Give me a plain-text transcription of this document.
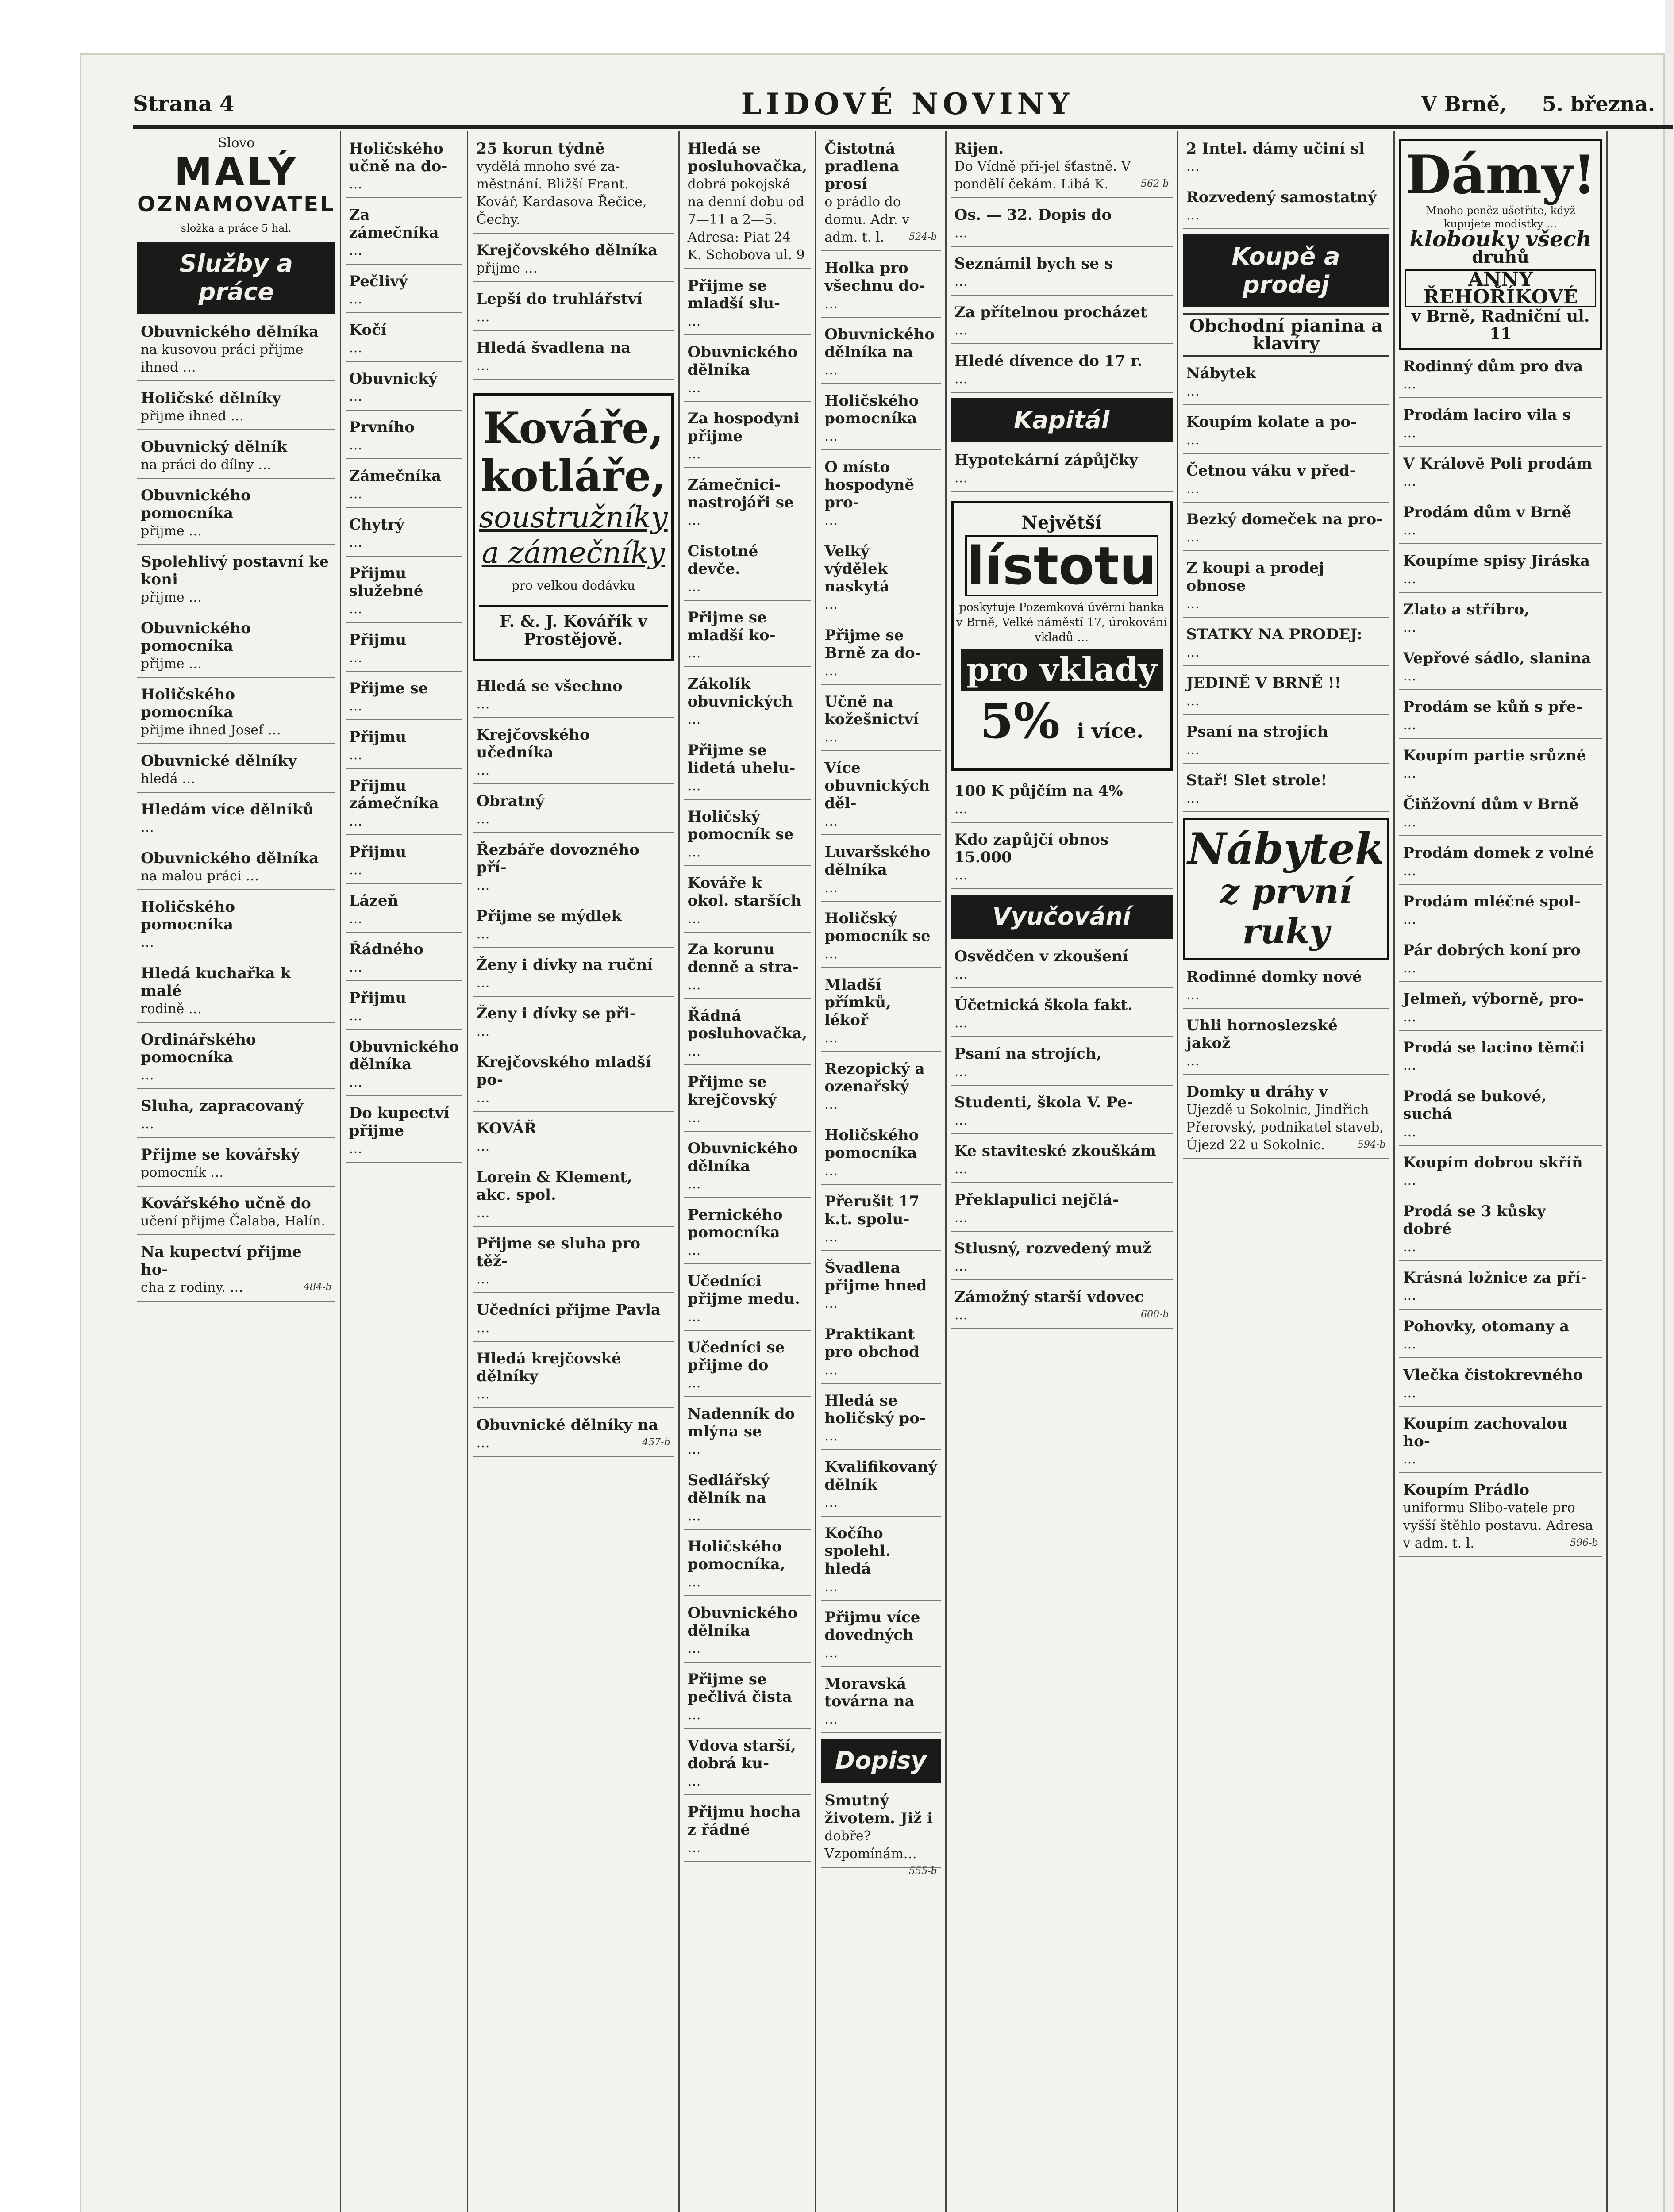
Strana 4	LIDOVÉ NOVINY	V Brně, 5. března.
Slovo
MALÝ
OZNAMOVATEL
složka a práce 5 hal.
Služby a práce
Obuvnického dělníka
na kusovou práci přijme ihned …
Holičské dělníky
přijme ihned …
Obuvnický dělník
na práci do dílny …
Obuvnického pomocníka
přijme …
Spolehlivý postavní ke koni
přijme …
Obuvnického pomocníka
přijme …
Holičského pomocníka
přijme ihned Josef …
Obuvnické dělníky
hledá …
Hledám více dělníků
…
Obuvnického dělníka
na malou práci …
Holičského pomocníka
…
Hledá kuchařka k malé
rodině …
Ordinářského pomocníka
…
Sluha, zapracovaný
…
Přijme se kovářský
pomocník …
Kovářského učně do
učení přijme Čalaba, Halín.
Na kupectví přijme ho-
cha z rodiny. …	484-b
Holičského učně na do-
…
Za zámečníka
…
Pečlivý
…
Kočí
…
Obuvnický
…
Prvního
…
Zámečníka
…
Chytrý
…
Přijmu služebné
…
Přijmu
…
Přijme se
…
Přijmu
…
Přijmu zámečníka
…
Přijmu
…
Lázeň
…
Řádného
…
Přijmu
…
Obuvnického dělníka
…
Do kupectví přijme
…
25 korun týdně
vydělá mnoho své za-městnání. Bližší Frant. Kovář, Kardasova Řečice, Čechy.
Krejčovského dělníka
přijme …
Lepší do truhlářství
…
Hledá švadlena na
…
Kováře,
kotláře,
soustružníky
a zámečníky
pro velkou dodávku
F. &. J. Kovářík v Prostějově.
Hledá se všechno
…
Krejčovského učedníka
…
Obratný
…
Řezbáře dovozného pří-
…
Přijme se mýdlek
…
Ženy i dívky na ruční
…
Ženy i dívky se při-
…
Krejčovského mladší po-
…
KOVÁŘ
…
Lorein & Klement, akc. spol.
…
Přijme se sluha pro těž-
…
Učedníci přijme Pavla
…
Hledá krejčovské dělníky
…
Obuvnické dělníky na
…	457-b
Hledá se posluhovačka,
dobrá pokojská na denní dobu od 7—11 a 2—5. Adresa: Piat 24 K. Schobova ul. 9
Přijme se mladší slu-
…
Obuvnického dělníka
…
Za hospodyni přijme
…
Zámečnici-nastrojáři se
…
Cistotné devče.
…
Přijme se mladší ko-
…
Zákolík obuvnických
…
Přijme se lidetá uhelu-
…
Holičský pomocník se
…
Kováře k okol. starších
…
Za korunu denně a stra-
…
Řádná posluhovačka,
…
Přijme se krejčovský
…
Obuvnického dělníka
…
Pernického pomocníka
…
Učedníci přijme medu.
…
Učedníci se přijme do
…
Nadenník do mlýna se
…
Sedlářský dělník na
…
Holičského pomocníka,
…
Obuvnického dělníka
…
Přijme se pečlivá čista
…
Vdova starší, dobrá ku-
…
Přijmu hocha z řádné
…
Čistotná pradlena prosí
o prádlo do domu. Adr. v adm. t. l.	524-b
Holka pro všechnu do-
…
Obuvnického dělníka na
…
Holičského pomocníka
…
O místo hospodyně pro-
…
Velký výdělek naskytá
…
Přijme se Brně za do-
…
Učně na kožešnictví
…
Více obuvnických děl-
…
Luvaršského dělníka
…
Holičský pomocník se
…
Mladší přímků, lékoř
…
Rezopický a ozenařský
…
Holičského pomocníka
…
Přerušit 17 k.t. spolu-
…
Švadlena přijme hned
…
Praktikant pro obchod
…
Hledá se holičský po-
…
Kvalifikovaný dělník
…
Kočího spolehl. hledá
…
Přijmu více dovedných
…
Moravská továrna na
…
Dopisy
Smutný životem. Již i
dobře? Vzpomínám…
555-b
Rijen.
Do Vídně při-jel šťastně. V pondělí čekám. Libá K.	562-b
Os. — 32. Dopis do
…
Seznámil bych se s
…
Za přítelnou procházet
…
Hledé dívence do 17 r.
…
Kapitál
Hypotekární zápůjčky
…
Největší
lístotu
poskytuje Pozemková úvěrní banka v Brně, Velké náměstí 17, úrokování vkladů …
pro vklady
5% i více.
100 K půjčím na 4%
…
Kdo zapůjčí obnos 15.000
…
Vyučování
Osvědčen v zkoušení
…
Účetnická škola fakt.
…
Psaní na strojích,
…
Studenti, škola V. Pe-
…
Ke staviteské zkouškám
…
Překlapulici nejčlá-
…
Stlusný, rozvedený muž
…
Zámožný starší vdovec
…	600-b
2 Intel. dámy učiní sl
…
Rozvedený samostatný
…
Koupě a prodej
Obchodní pianina a klavíry
Nábytek
…
Koupím kolate a po-
…
Četnou váku v před-
…
Bezký domeček na pro-
…
Z koupi a prodej obnose
…
STATKY NA PRODEJ:
…
JEDINĚ V BRNĚ !!
…
Psaní na strojích
…
Stař! Slet strole!
…
Nábytek
z první ruky
Rodinné domky nové
…
Uhli hornoslezské jakož
…
Domky u dráhy v
Ujezdě u Sokolnic, Jindřich Přerovský, podnikatel staveb, Újezd 22 u Sokolnic.	594-b
Dámy!
Mnoho peněz ušetříte, když kupujete modistky …
klobouky všech
druhů
ANNY ŘEHOŘÍKOVÉ
v Brně, Radniční ul. 11
Rodinný dům pro dva
…
Prodám laciro vila s
…
V Králově Poli prodám
…
Prodám dům v Brně
…
Koupíme spisy Jiráska
…
Zlato a stříbro,
…
Vepřové sádlo, slanina
…
Prodám se kůň s pře-
…
Koupím partie srůzné
…
Čiňžovní dům v Brně
…
Prodám domek z volné
…
Prodám mléčné spol-
…
Pár dobrých koní pro
…
Jelmeň, výborně, pro-
…
Prodá se lacino těmči
…
Prodá se bukové, suchá
…
Koupím dobrou skříň
…
Prodá se 3 kůsky dobré
…
Krásná ložnice za pří-
…
Pohovky, otomany a
…
Vlečka čistokrevného
…
Koupím zachovalou ho-
…
Koupím Prádlo
uniformu Slibo-vatele pro vyšší štěhlo postavu. Adresa v adm. t. l.	596-b
